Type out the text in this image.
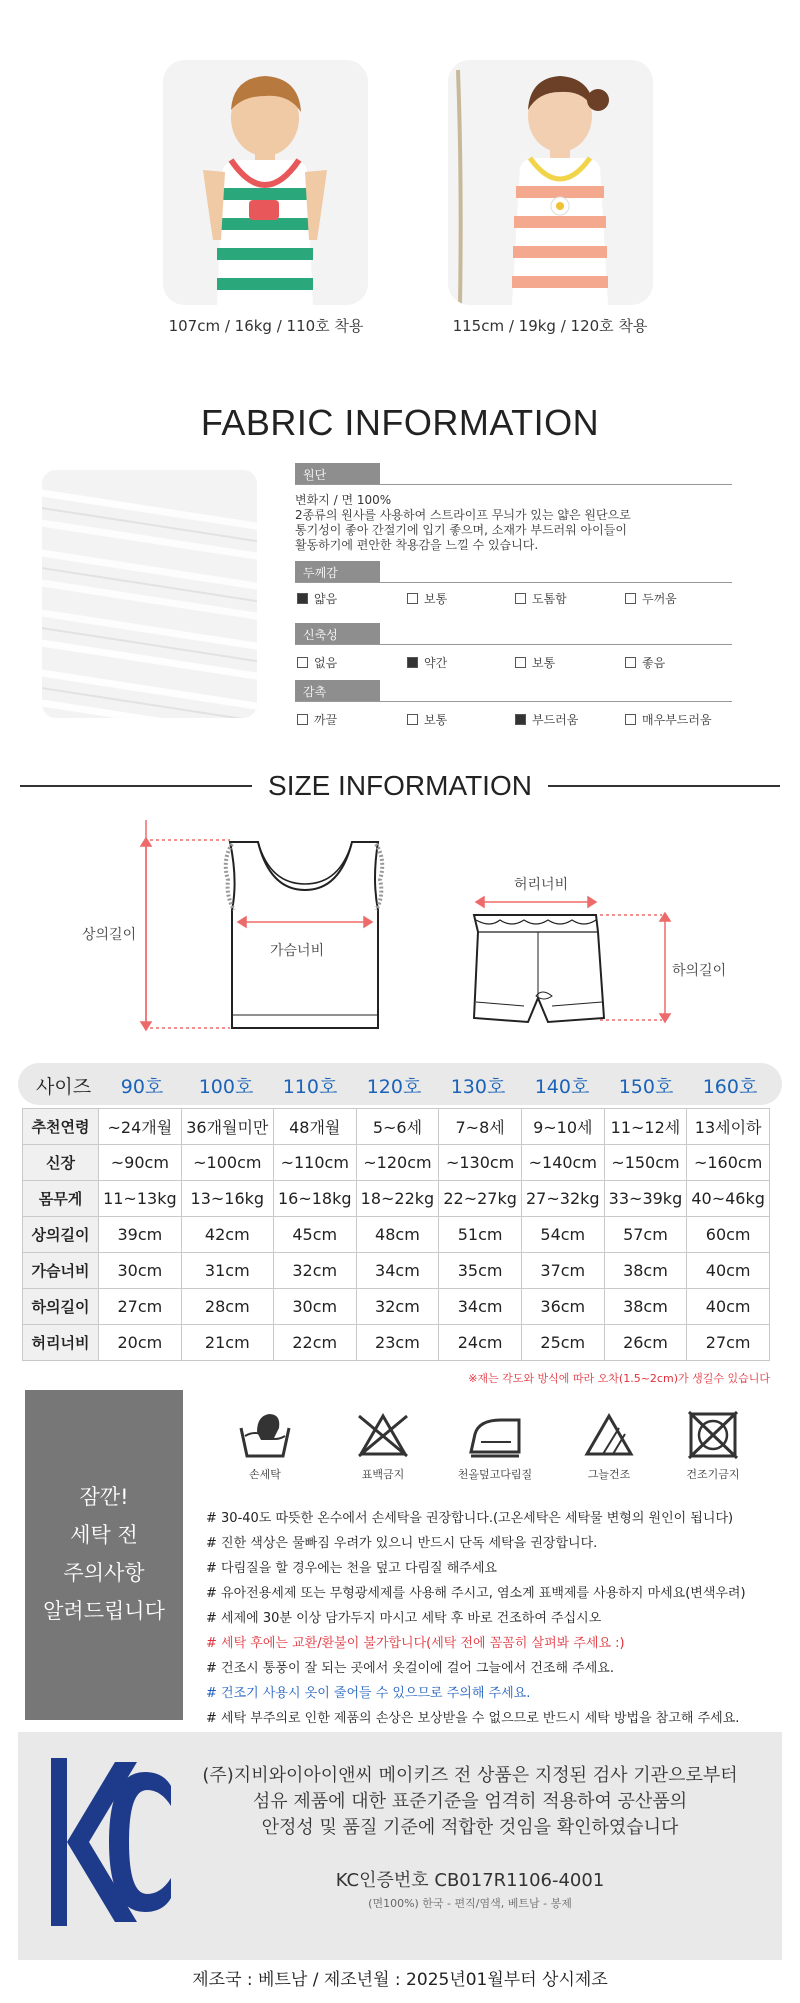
107cm / 16kg / 110호 착용	115cm / 19kg / 120호 착용
FABRIC INFORMATION
원단
변화지 / 면 100%
2종류의 원사를 사용하여 스트라이프 무늬가 있는 얇은 원단으로
통기성이 좋아 간절기에 입기 좋으며, 소재가 부드러워 아이들이
활동하기에 편안한 착용감을 느낄 수 있습니다.
두께감
얇음	보통	도톰함	두꺼움
신축성
없음	약간	보통	좋음
감촉
까끌	보통	부드러움	매우부드러움
SIZE INFORMATION
상의길이
가슴너비
허리너비
하의길이
사이즈	90호	100호	110호	120호	130호	140호	150호	160호
추천연령	~24개월	36개월미만	48개월	5~6세	7~8세	9~10세	11~12세	13세이하
신장	~90cm	~100cm	~110cm	~120cm	~130cm	~140cm	~150cm	~160cm
몸무게	11~13kg	13~16kg	16~18kg	18~22kg	22~27kg	27~32kg	33~39kg	40~46kg
상의길이	39cm	42cm	45cm	48cm	51cm	54cm	57cm	60cm
가슴너비	30cm	31cm	32cm	34cm	35cm	37cm	38cm	40cm
하의길이	27cm	28cm	30cm	32cm	34cm	36cm	38cm	40cm
허리너비	20cm	21cm	22cm	23cm	24cm	25cm	26cm	27cm
※재는 각도와 방식에 따라 오차(1.5~2cm)가 생길수 있습니다
잠깐!
세탁 전
주의사항
알려드립니다
손세탁	표백금지	천올덮고다림질	그늘건조	건조기금지
# 30-40도 따뜻한 온수에서 손세탁을 권장합니다.(고온세탁은 세탁물 변형의 원인이 됩니다)
# 진한 색상은 물빠짐 우려가 있으니 반드시 단독 세탁을 권장합니다.
# 다림질을 할 경우에는 천을 덮고 다림질 해주세요
# 유아전용세제 또는 무형광세제를 사용해 주시고, 염소계 표백제를 사용하지 마세요(변색우려)
# 세제에 30분 이상 담가두지 마시고 세탁 후 바로 건조하여 주십시오
# 세탁 후에는 교환/환불이 불가합니다(세탁 전에 꼼꼼히 살펴봐 주세요 :)
# 건조시 통풍이 잘 되는 곳에서 옷걸이에 걸어 그늘에서 건조해 주세요.
# 건조기 사용시 옷이 줄어들 수 있으므로 주의해 주세요.
# 세탁 부주의로 인한 제품의 손상은 보상받을 수 없으므로 반드시 세탁 방법을 참고해 주세요.
(주)지비와이아이앤씨 메이키즈 전 상품은 지정된 검사 기관으로부터
섬유 제품에 대한 표준기준을 엄격히 적용하여 공산품의
안정성 및 품질 기준에 적합한 것임을 확인하였습니다
KC인증번호 CB017R1106-4001
(면100%) 한국 - 편직/염색, 베트남 - 봉제
제조국 : 베트남 / 제조년월 : 2025년01월부터 상시제조
